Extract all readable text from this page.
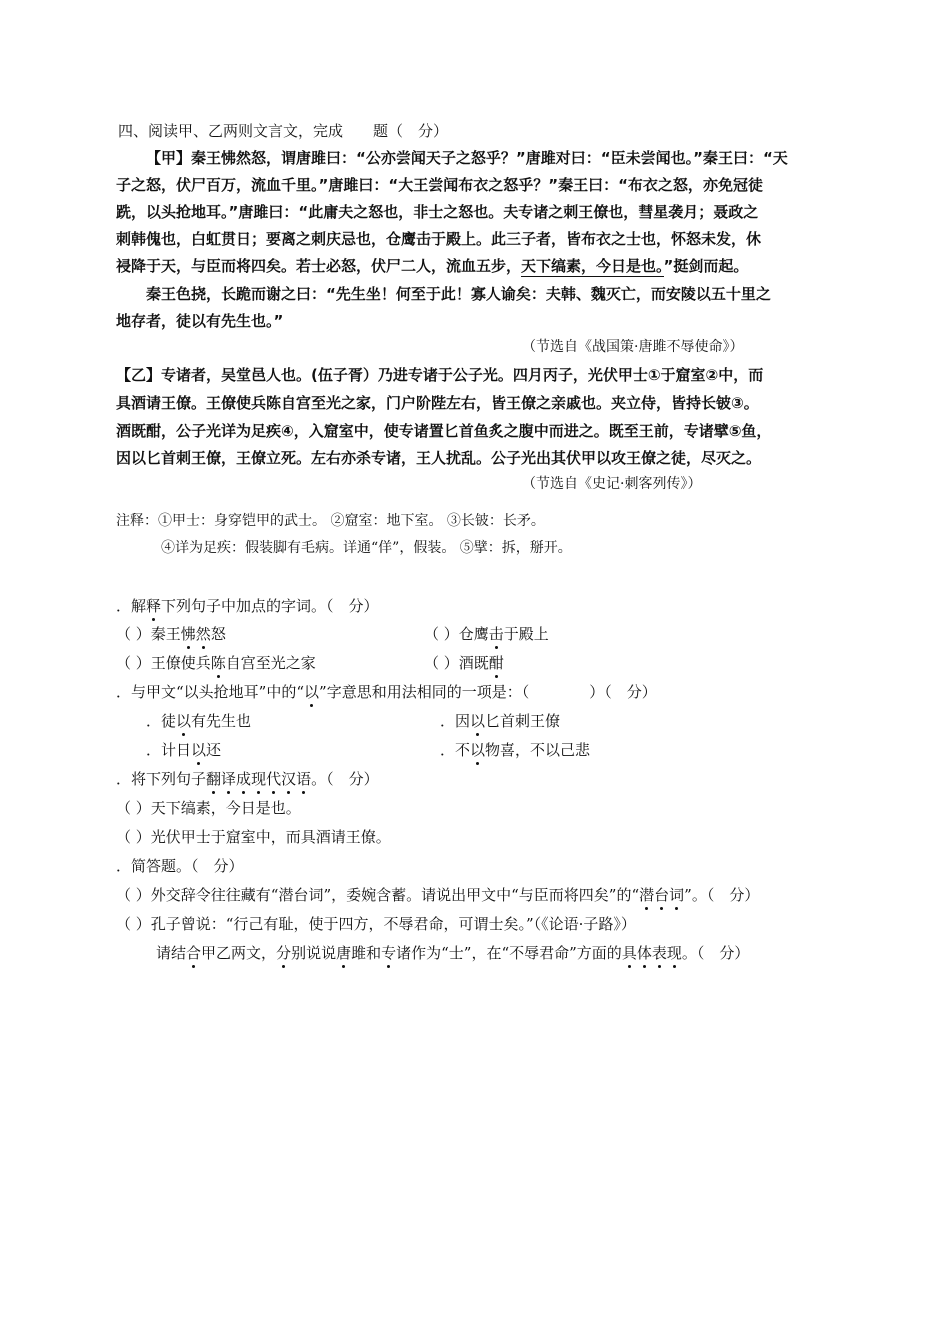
四、阅读甲、乙两则文言文，完成　　题（　分）
【甲】秦王怫然怒，谓唐雎曰：“公亦尝闻天子之怒乎？”唐雎对曰：“臣未尝闻也。”秦王曰：“天
子之怒，伏尸百万，流血千里。”唐雎曰：“大王尝闻布衣之怒乎？”秦王曰：“布衣之怒，亦免冠徒
跣，以头抢地耳。”唐雎曰：“此庸夫之怒也，非士之怒也。夫专诸之刺王僚也，彗星袭月；聂政之
刺韩傀也，白虹贯日；要离之刺庆忌也，仓鹰击于殿上。此三子者，皆布衣之士也，怀怒未发，休
祲降于天，与臣而将四矣。若士必怒，伏尸二人，流血五步，天下缟素，今日是也。”挺剑而起。
秦王色挠，长跪而谢之曰：“先生坐！何至于此！寡人谕矣：夫韩、魏灭亡，而安陵以五十里之
地存者，徒以有先生也。”
（节选自《战国策·唐雎不辱使命》）
【乙】专诸者，吴堂邑人也。(伍子胥）乃进专诸于公子光。四月丙子，光伏甲士①于窟室②中，而
具酒请王僚。王僚使兵陈自宫至光之家，门户阶陛左右，皆王僚之亲戚也。夹立侍，皆持长铍③。
酒既酣，公子光详为足疾④，入窟室中，使专诸置匕首鱼炙之腹中而进之。既至王前，专诸擘⑤鱼，
因以匕首刺王僚，王僚立死。左右亦杀专诸，王人扰乱。公子光出其伏甲以攻王僚之徒，尽灭之。
（节选自《史记·刺客列传》）
注释：①甲士：身穿铠甲的武士。 ②窟室：地下室。 ③长铍：长矛。
④详为足疾：假装脚有毛病。详通“佯”，假装。 ⑤擘：拆，掰开。
．解释下列句子中加点的字词。（　分）
（ ）秦王怫然怒	（ ）仓鹰击于殿上
（ ）王僚使兵陈自宫至光之家	（ ）酒既酣
．与甲文“以头抢地耳”中的“以”字意思和用法相同的一项是：（　　　　）（　分）
．徒以有先生也	．因以匕首刺王僚
．计日以还	．不以物喜，不以己悲
．将下列句子翻译成现代汉语。（　分）
（ ）天下缟素，今日是也。
（ ）光伏甲士于窟室中，而具酒请王僚。
．简答题。（　分）
（ ）外交辞令往往藏有“潜台词”，委婉含蓄。请说出甲文中“与臣而将四矣”的“潜台词”。（　分）
（ ）孔子曾说：“行己有耻，使于四方，不辱君命，可谓士矣。”（《论语·子路》）
请结合甲乙两文，分别说说唐雎和专诸作为“士”，在“不辱君命”方面的具体表现。（　分）
